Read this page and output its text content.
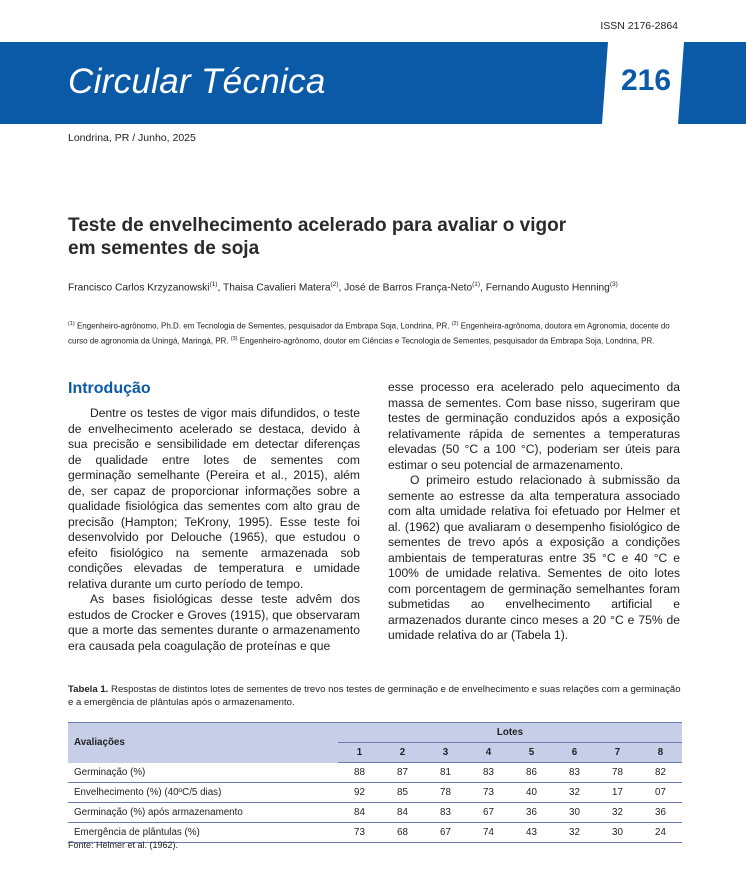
ISSN 2176-2864
Circular Técnica	216
Londrina, PR / Junho, 2025
Teste de envelhecimento acelerado para avaliar o vigor em sementes de soja
Francisco Carlos Krzyzanowski$^{(1)}$, Thaisa Cavalieri Matera$^{(2)}$, José de Barros França-Neto$^{(1)}$, Fernando Augusto Henning$^{(3)}$
$^{(1)}$ Engenheiro-agrônomo, Ph.D. em Tecnologia de Sementes, pesquisador da Embrapa Soja, Londrina, PR. $^{(2)}$ Engenheira-agrônoma, doutora em Agronomia, docente do curso de agronomia da Uningá, Maringá, PR. $^{(3)}$ Engenheiro-agrônomo, doutor em Ciências e Tecnologia de Sementes, pesquisador da Embrapa Soja, Londrina, PR.
Introdução

Dentre os testes de vigor mais difundidos, o teste de envelhecimento acelerado se destaca, devido à sua precisão e sensibilidade em detectar diferenças de qualidade entre lotes de sementes com germinação semelhante (Pereira et al., 2015), além de, ser capaz de proporcionar informações sobre a qualidade fisiológica das sementes com alto grau de precisão (Hampton; TeKrony, 1995). Esse teste foi desenvolvido por Delouche (1965), que estudou o efeito fisiológico na semente armazenada sob condições elevadas de temperatura e umidade relativa durante um curto período de tempo.

As bases fisiológicas desse teste advêm dos estudos de Crocker e Groves (1915), que observaram que a morte das sementes durante o armazenamento era causada pela coagulação de proteínas e que

esse processo era acelerado pelo aquecimento da massa de sementes. Com base nisso, sugeriram que testes de germinação conduzidos após a exposição relativamente rápida de sementes a temperaturas elevadas (50 °C a 100 °C), poderiam ser úteis para estimar o seu potencial de armazenamento.

O primeiro estudo relacionado à submissão da semente ao estresse da alta temperatura associado com alta umidade relativa foi efetuado por Helmer et al. (1962) que avaliaram o desempenho fisiológico de sementes de trevo após a exposição a condições ambientais de temperaturas entre 35 °C e 40 °C e 100% de umidade relativa. Sementes de oito lotes com porcentagem de germinação semelhantes foram submetidas ao envelhecimento artificial e armazenados durante cinco meses a 20 °C e 75% de umidade relativa do ar (Tabela 1).

Tabela 1. Respostas de distintos lotes de sementes de trevo nos testes de germinação e de envelhecimento e suas relações com a germinação e a emergência de plântulas após o armazenamento.
Avaliações	Lotes							
	1	2	3	4	5	6	7	8
Germinação (%)	88	87	81	83	86	83	78	82
Envelhecimento (%) (40ºC/5 dias)	92	85	78	73	40	32	17	07
Germinação (%) após armazenamento	84	84	83	67	36	30	32	36
Emergência de plântulas (%)	73	68	67	74	43	32	30	24
Fonte: Helmer et al. (1962).
